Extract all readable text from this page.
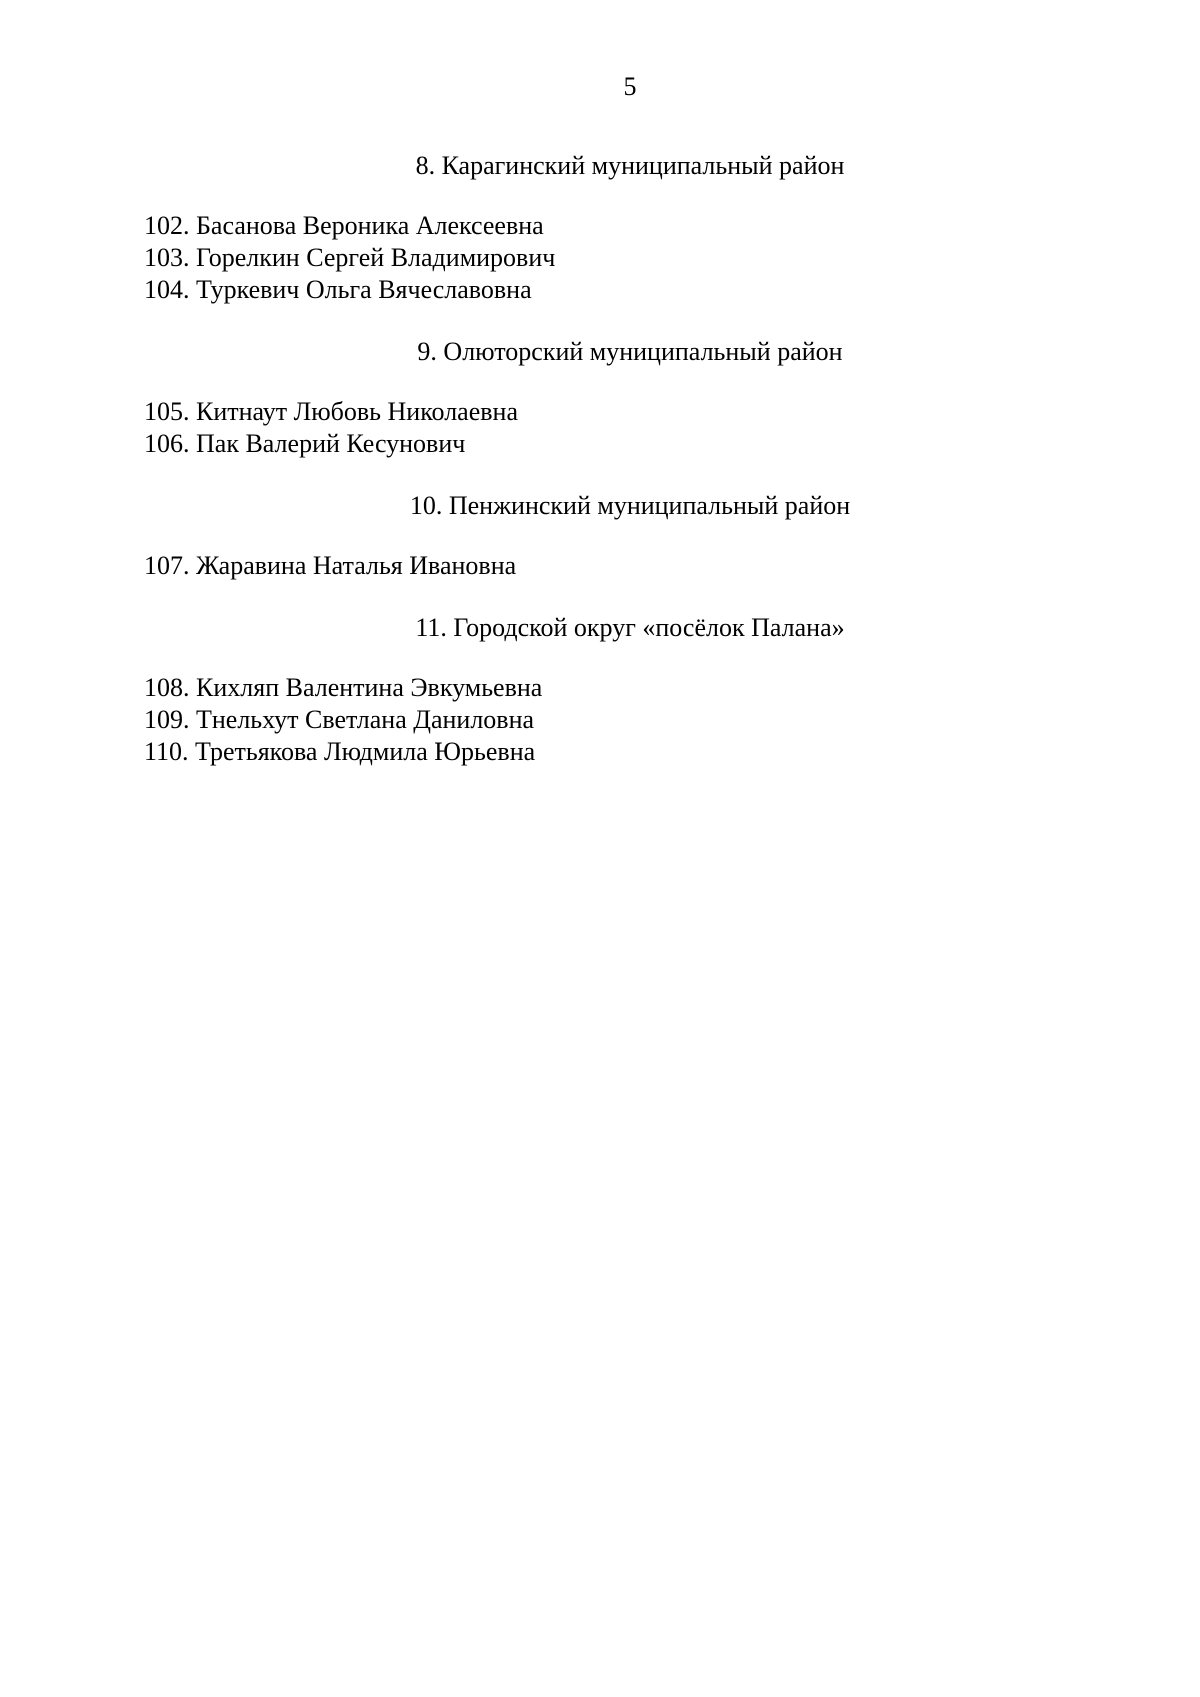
5
8. Карагинский муниципальный район
102. Басанова Вероника Алексеевна
103. Горелкин Сергей Владимирович
104. Туркевич Ольга Вячеславовна
9. Олюторский муниципальный район
105. Китнаут Любовь Николаевна
106. Пак Валерий Кесунович
10. Пенжинский муниципальный район
107. Жаравина Наталья Ивановна
11. Городской округ «посёлок Палана»
108. Кихляп Валентина Эвкумьевна
109. Тнельхут Светлана Даниловна
110. Третьякова Людмила Юрьевна
